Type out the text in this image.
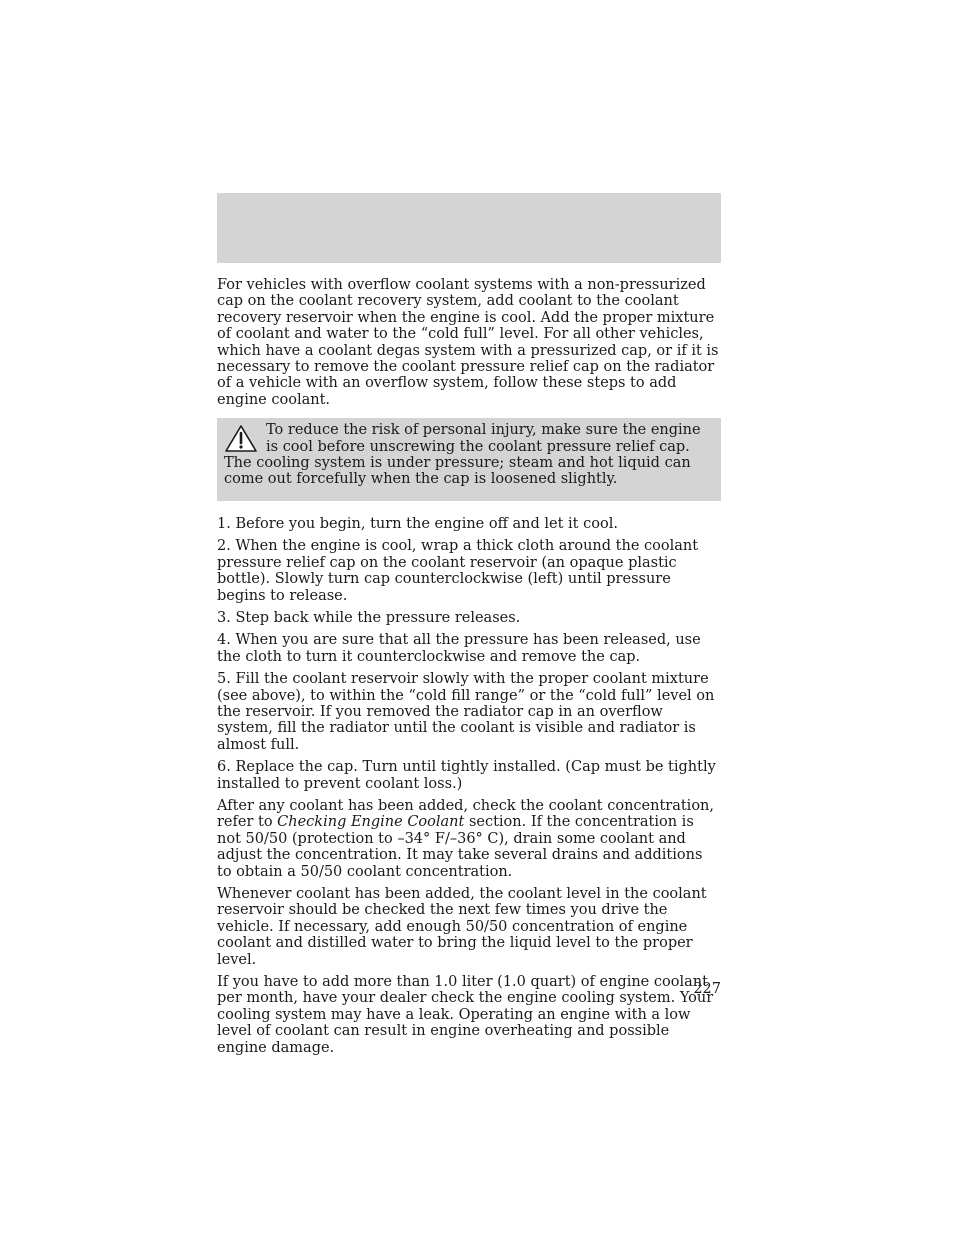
For vehicles with overflow coolant systems with a non-pressurized cap on the coolant recovery system, add coolant to the coolant recovery reservoir when the engine is cool. Add the proper mixture of coolant and water to the “cold full” level. For all other vehicles, which have a coolant degas system with a pressurized cap, or if it is necessary to remove the coolant pressure relief cap on the radiator of a vehicle with an overflow system, follow these steps to add engine coolant.

To reduce the risk of personal injury, make sure the engine is cool before unscrewing the coolant pressure relief cap. The cooling system is under pressure; steam and hot liquid can come out forcefully when the cap is loosened slightly.

1. Before you begin, turn the engine off and let it cool.

2. When the engine is cool, wrap a thick cloth around the coolant pressure relief cap on the coolant reservoir (an opaque plastic bottle). Slowly turn cap counterclockwise (left) until pressure begins to release.

3. Step back while the pressure releases.

4. When you are sure that all the pressure has been released, use the cloth to turn it counterclockwise and remove the cap.

5. Fill the coolant reservoir slowly with the proper coolant mixture (see above), to within the “cold fill range” or the “cold full” level on the reservoir. If you removed the radiator cap in an overflow system, fill the radiator until the coolant is visible and radiator is almost full.

6. Replace the cap. Turn until tightly installed. (Cap must be tightly installed to prevent coolant loss.)

After any coolant has been added, check the coolant concentration, refer to Checking Engine Coolant section. If the concentration is not 50/50 (protection to –34° F/–36° C), drain some coolant and adjust the concentration. It may take several drains and additions to obtain a 50/50 coolant concentration.

Whenever coolant has been added, the coolant level in the coolant reservoir should be checked the next few times you drive the vehicle. If necessary, add enough 50/50 concentration of engine coolant and distilled water to bring the liquid level to the proper level.

If you have to add more than 1.0 liter (1.0 quart) of engine coolant per month, have your dealer check the engine cooling system. Your cooling system may have a leak. Operating an engine with a low level of coolant can result in engine overheating and possible engine damage.

227
